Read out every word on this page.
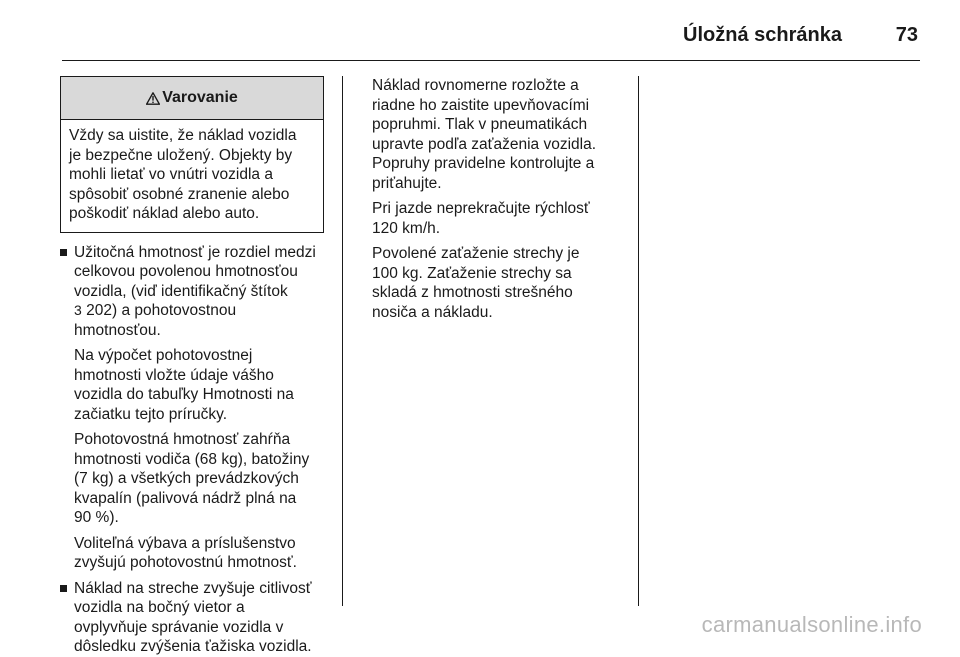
Úložná schránka	73
Varovanie

Vždy sa uistite, že náklad vozidla
je bezpečne uložený. Objekty by
mohli lietať vo vnútri vozidla a
spôsobiť osobné zranenie alebo
poškodiť náklad alebo auto.

Užitočná hmotnosť je rozdiel medzi
celkovou povolenou hmotnosťou
vozidla, (viď identifikačný štítok
3 202) a pohotovostnou
hmotnosťou.

Na výpočet pohotovostnej
hmotnosti vložte údaje vášho
vozidla do tabuľky Hmotnosti na
začiatku tejto príručky.

Pohotovostná hmotnosť zahŕňa
hmotnosti vodiča (68 kg), batožiny
(7 kg) a všetkých prevádzkových
kvapalín (palivová nádrž plná na
90 %).

Voliteľná výbava a príslušenstvo
zvyšujú pohotovostnú hmotnosť.

Náklad na streche zvyšuje citlivosť
vozidla na bočný vietor a
ovplyvňuje správanie vozidla v
dôsledku zvýšenia ťažiska vozidla.

Náklad rovnomerne rozložte a
riadne ho zaistite upevňovacími
popruhmi. Tlak v pneumatikách
upravte podľa zaťaženia vozidla.
Popruhy pravidelne kontrolujte a
priťahujte.

Pri jazde neprekračujte rýchlosť
120 km/h.

Povolené zaťaženie strechy je
100 kg. Zaťaženie strechy sa
skladá z hmotnosti strešného
nosiča a nákladu.

carmanualsonline.info
